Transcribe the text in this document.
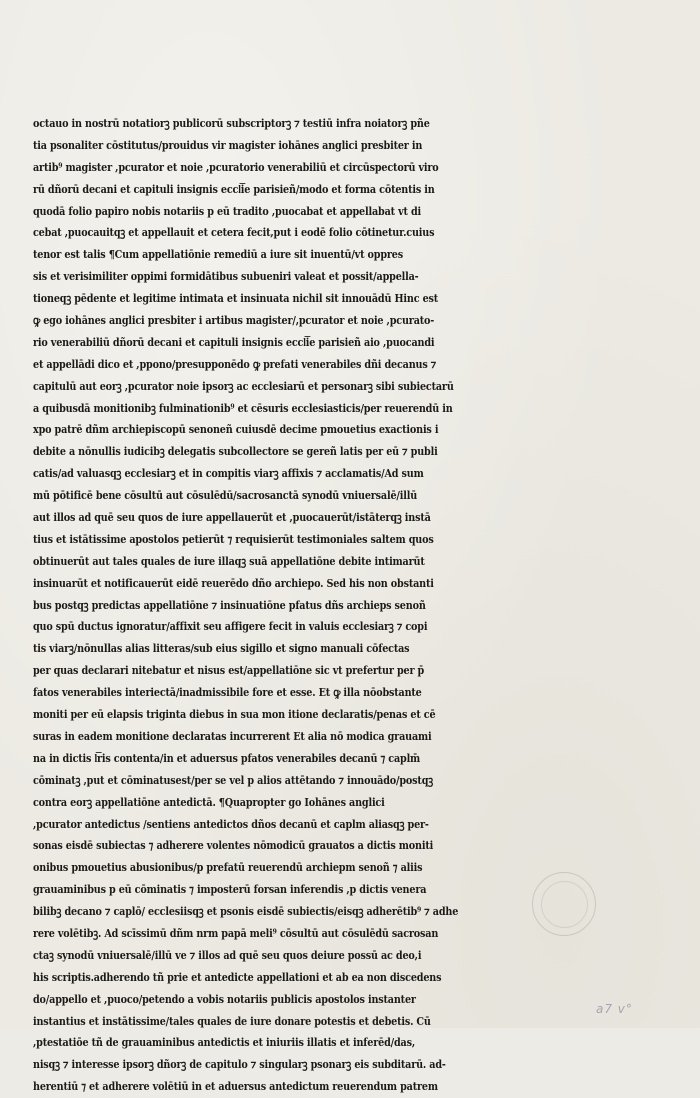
octauo in nostrū notatiorꝫ publicorū subscriptorꝫ ⁊ testiū infra noiatorꝫ pñe
tia psonaliter cōstitutus/prouidus vir magister iohānes anglici presbiter in
artib⁹ magister ,pcurator et noie ,pcuratorio venerabiliū et circūspectorū viro
rū dñorū decani et capituli insignis eccl͞ie parisieñ/modo et forma cōtentis in
quodā folio papiro nobis notariis p eū tradito ,puocabat et appellabat vt di
cebat ,puocauitqꝫ et appellauit et cetera fecit,put i eodē folio cōtinetur.cuius
tenor est talis ¶Cum appellatiōnie remediū a iure sit inuentū/vt oppres
sis et verisimiliter oppimi formidātibus subueniri valeat et possit/appella-
tioneqꝫ pēdente et legitime intimata et insinuata nichil sit innouādū Hinc est
ꝙ ego iohānes anglici presbiter i artibus magister/,pcurator et noie ,pcurato-
rio venerabiliū dñorū decani et capituli insignis eccl͞ie parisieñ aio ,puocandi
et appellādi dico et ,ppono/presupponēdo ꝙ prefati venerabiles dñi decanus ⁊
capitulū aut eorꝫ ,pcurator noie ipsorꝫ ac ecclesiarū et personarꝫ sibi subiectarū
a quibusdā monitionibꝫ fulminationib⁹ et cēsuris ecclesiasticis/per reuerendū in
xpo patrē dñm archiepiscopū senoneñ cuiusdē decime pmouetius exactionis i
debite a nōnullis iudicibꝫ delegatis subcollectore se gereñ latis per eū ⁊ publi
catis/ad valuasqꝫ ecclesiarꝫ et in compitis viarꝫ affixis ⁊ acclamatis/Ad sum
mū pōtificē bene cōsultū aut cōsulēdū/sacrosanctā synodū vniuersalē/illū
aut illos ad quē seu quos de iure appellauerūt et ,puocauerūt/istāterqꝫ instā
tius et istātissime apostolos petierūt ⁊ requisierūt testimoniales saltem quos
obtinuerūt aut tales quales de iure illaqꝫ suā appellatiōne debite intimarūt
insinuarūt et notificauerūt eidē reuerēdo dño archiepo. Sed his non obstanti
bus postqꝫ predictas appellatiōne ⁊ insinuatiōne pfatus dñs archieps senoñ
quo spū ductus ignoratur/affixit seu affigere fecit in valuis ecclesiarꝫ ⁊ copi
tis viarꝫ/nōnullas alias litteras/sub eius sigillo et signo manuali cōfectas
per quas declarari nitebatur et nisus est/appellatiōne sic vt prefertur per p̄
fatos venerabiles interiectā/inadmissibile fore et esse. Et ꝙ illa nōobstante
moniti per eū elapsis triginta diebus in sua mon itione declaratis/penas et cē
suras in eadem monitione declaratas incurrerent Et alia nō modica grauami
na in dictis l͞ris contenta/in et aduersus pfatos venerabiles decanū ⁊ caplm̄
cōminatꝫ ,put et cōminatusest/per se vel p alios attētando ⁊ innouādo/postqꝫ
contra eorꝫ appellatiōne antedictā. ¶Quapropter go Iohānes anglici
,pcurator antedictus /sentiens antedictos dños decanū et caplm aliasqꝫ per-
sonas eisdē subiectas ⁊ adherere volentes nōmodicū grauatos a dictis moniti
onibus pmouetius abusionibus/p prefatū reuerendū archiepm senoñ ⁊ aliis
grauaminibus p eū cōminatis ⁊ imposterū forsan inferendis ,p dictis venera
bilibꝫ decano ⁊ caplō/ ecclesiisqꝫ et psonis eisdē subiectis/eisqꝫ adherētib⁹ ⁊ adhe
rere volētibꝫ. Ad scīssimū dñm nrm papā meli⁹ cōsultū aut cōsulēdū sacrosan
ctaꝫ synodū vniuersalē/illū ve ⁊ illos ad quē seu quos deiure possū ac deo,i
his scriptis.adherendo tñ prie et antedicte appellationi et ab ea non discedens
do/appello et ,puoco/petendo a vobis notariis publicis apostolos instanter
instantius et instātissime/tales quales de iure donare potestis et debetis. Cū
,ptestatiōe tñ de grauaminibus antedictis et iniuriis illatis et inferēd/das,
nisqꝫ ⁊ interesse ipsorꝫ dñorꝫ de capitulo ⁊ singularꝫ psonarꝫ eis subditarū. ad-
herentiū ⁊ et adherere volētiū in et aduersus antedictum reuerendum patrem
a7 v°
